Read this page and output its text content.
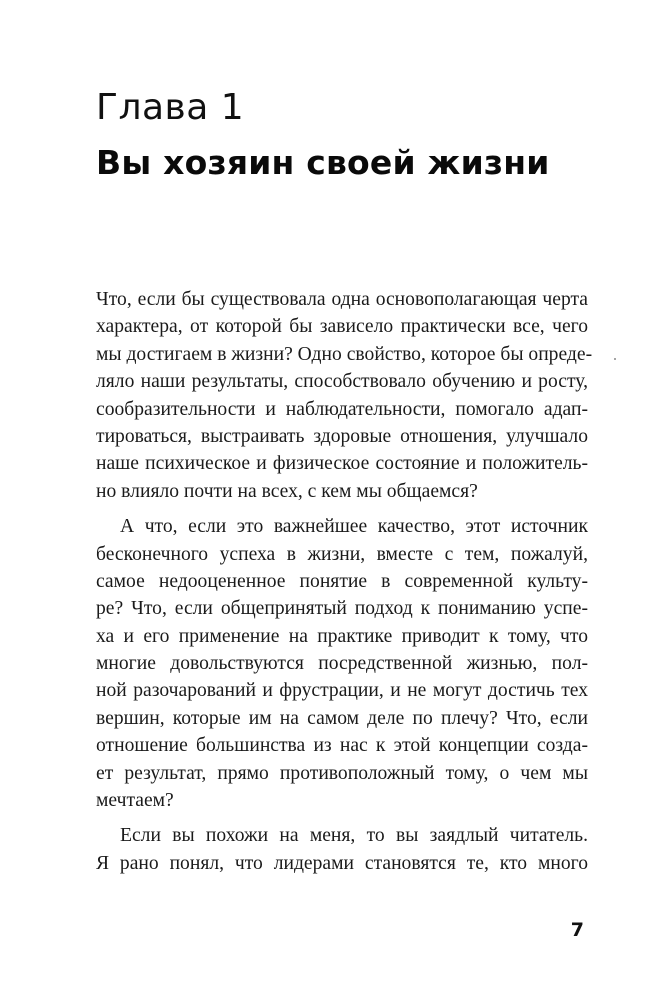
Глава 1
Вы хозяин своей жизни

Что, если бы существовала одна основополагающая черта
характера, от которой бы зависело практически все, чего
мы достигаем в жизни? Одно свойство, которое бы опреде-
ляло наши результаты, способствовало обучению и росту,
сообразительности и наблюдательности, помогало адап-
тироваться, выстраивать здоровые отношения, улучшало
наше психическое и физическое состояние и положитель-
но влияло почти на всех, с кем мы общаемся?

А что, если это важнейшее качество, этот источник
бесконечного успеха в жизни, вместе с тем, пожалуй,
самое недооцененное понятие в современной культу-
ре? Что, если общепринятый подход к пониманию успе-
ха и его применение на практике приводит к тому, что
многие довольствуются посредственной жизнью, пол-
ной разочарований и фрустрации, и не могут достичь тех
вершин, которые им на самом деле по плечу? Что, если
отношение большинства из нас к этой концепции созда-
ет результат, прямо противоположный тому, о чем мы
мечтаем?

Если вы похожи на меня, то вы заядлый читатель.
Я рано понял, что лидерами становятся те, кто много

7
